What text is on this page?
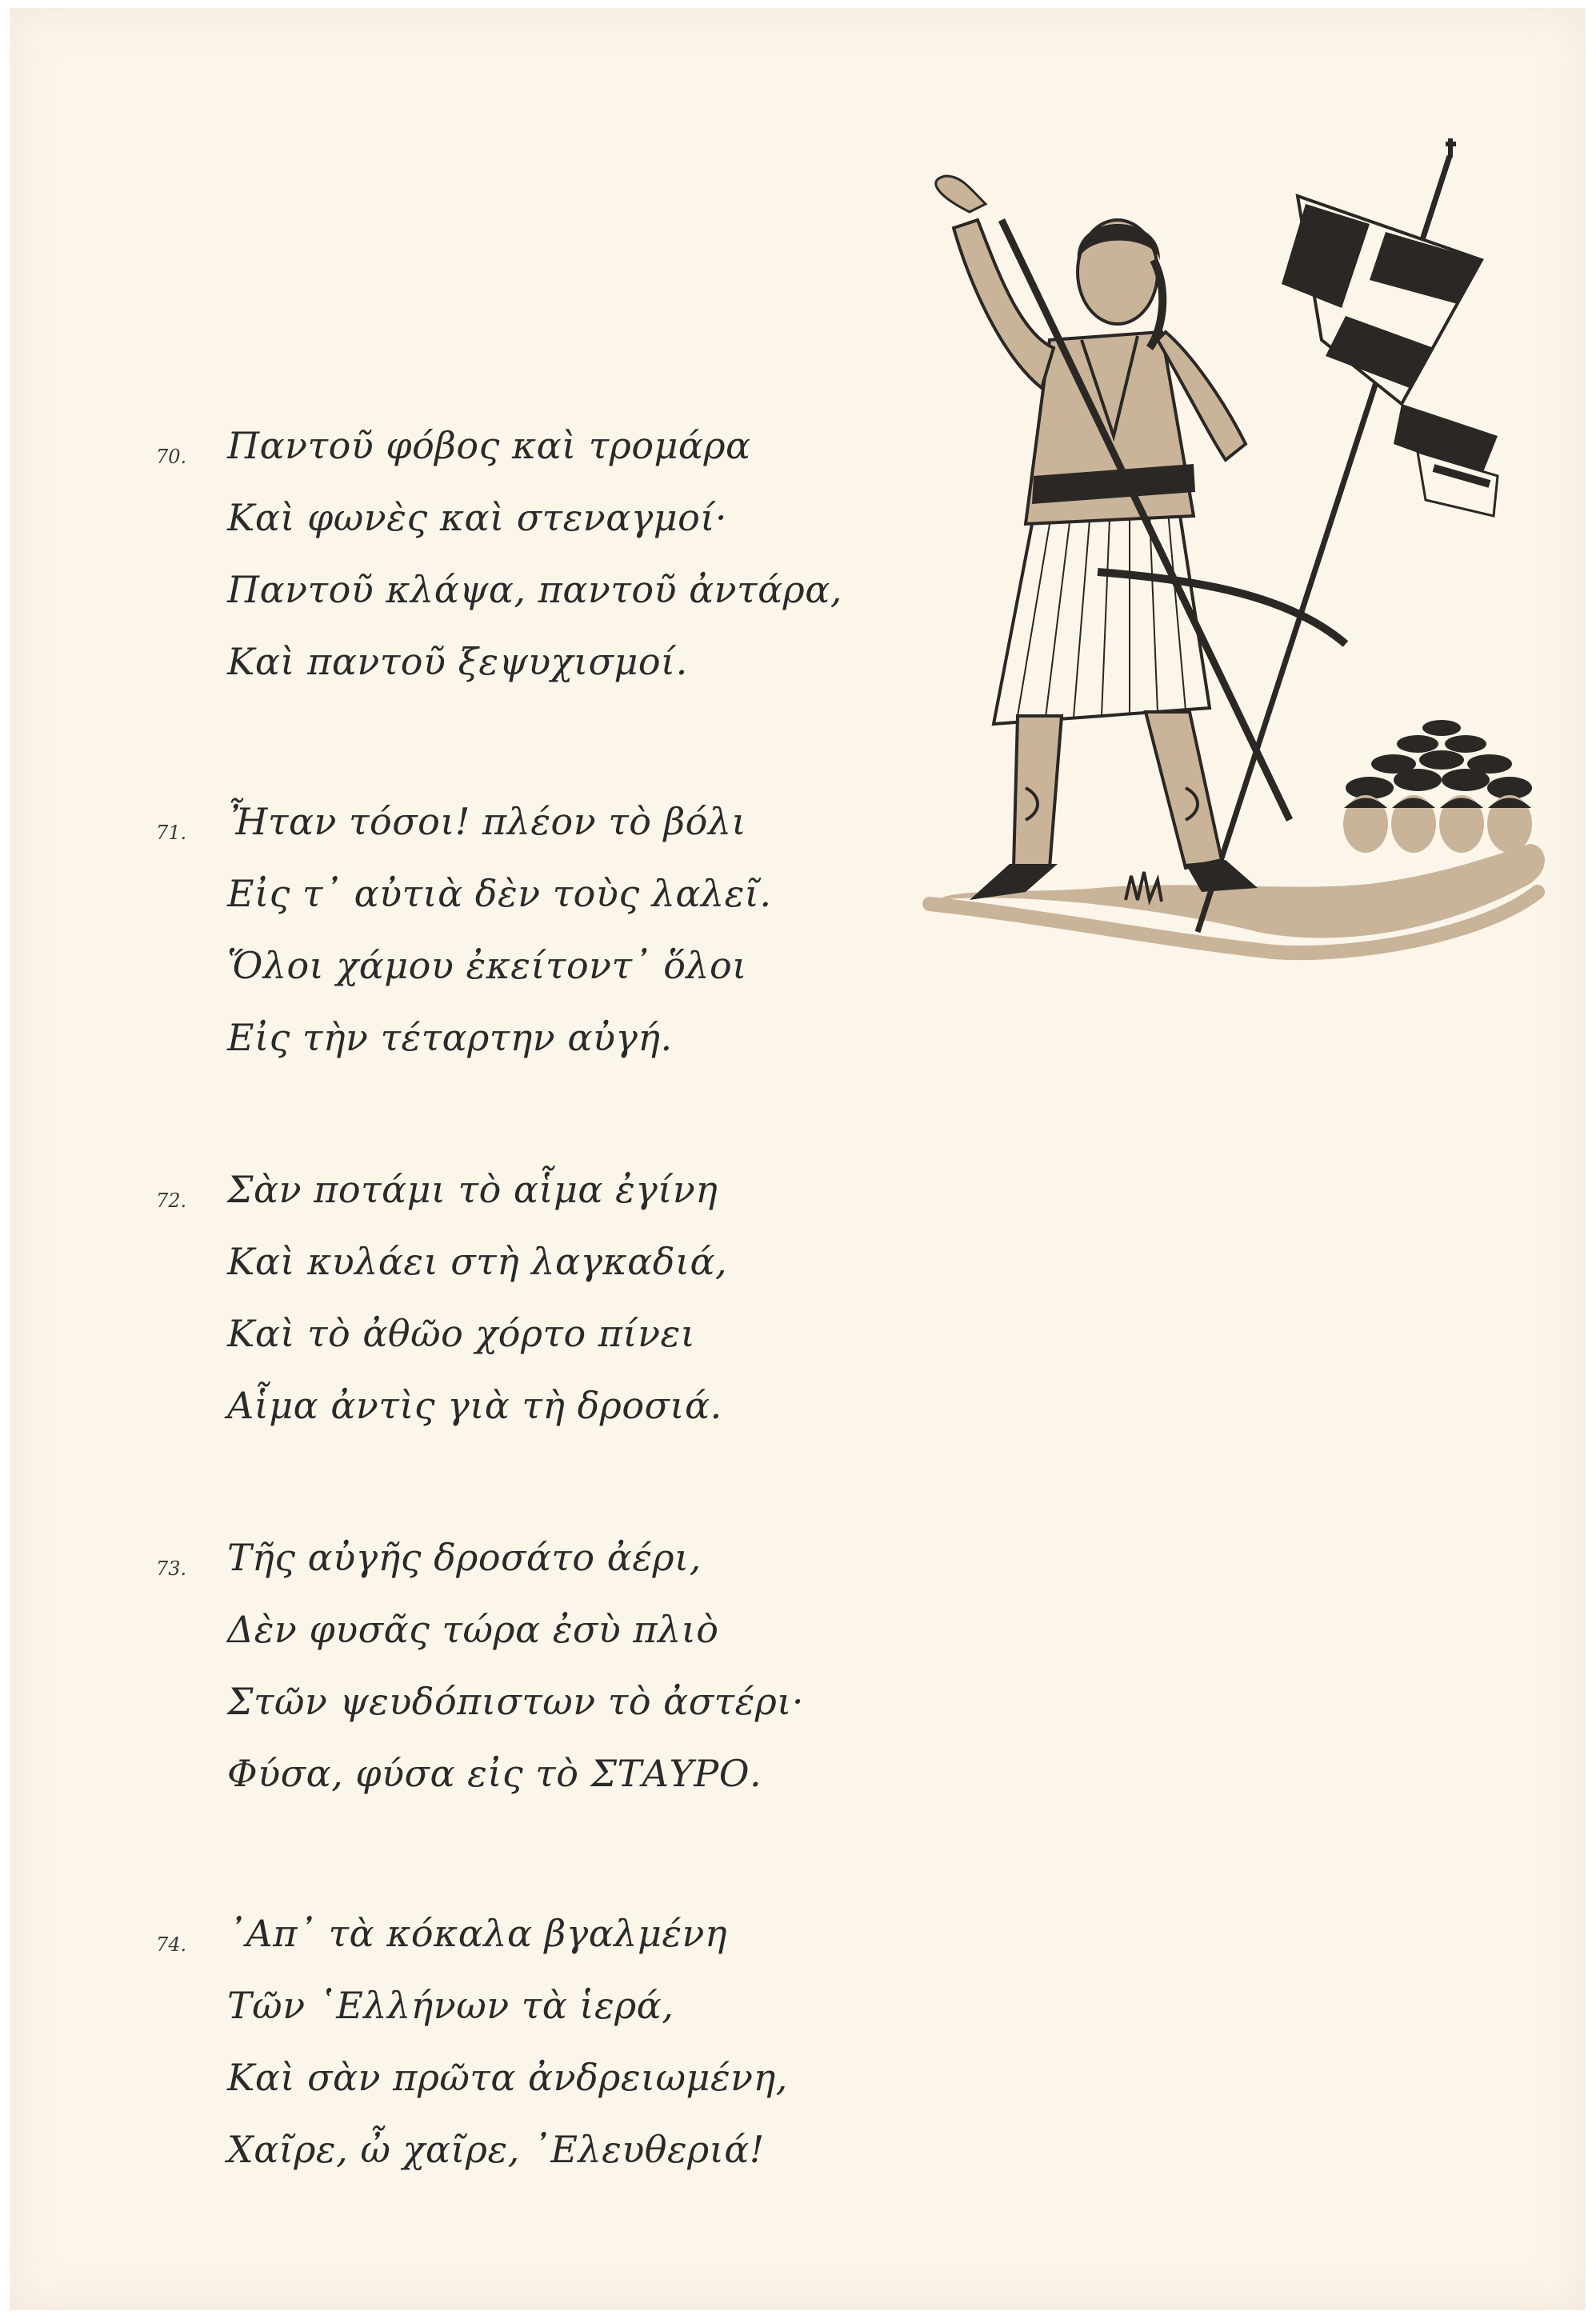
70. Παντοῦ φόβος καὶ τρομάρα
Καὶ φωνὲς καὶ στεναγμοί·
Παντοῦ κλάψα, παντοῦ ἀντάρα,
Καὶ παντοῦ ξεψυχισμοί.
71. Ἦταν τόσοι! πλέον τὸ βόλι
Εἰς τ᾿ αὐτιὰ δὲν τοὺς λαλεῖ.
Ὅλοι χάμου ἐκείτοντ᾿ ὅλοι
Εἰς τὴν τέταρτην αὐγή.
72. Σὰν ποτάμι τὸ αἷμα ἐγίνη
Καὶ κυλάει στὴ λαγκαδιά,
Καὶ τὸ ἀθῶο χόρτο πίνει
Αἷμα ἀντὶς γιὰ τὴ δροσιά.
73. Τῆς αὐγῆς δροσάτο ἀέρι,
Δὲν φυσᾶς τώρα ἐσὺ πλιὸ
Στῶν ψευδόπιστων τὸ ἀστέρι·
Φύσα, φύσα εἰς τὸ ΣΤΑΥΡΟ.
74. ᾿Απ᾿ τὰ κόκαλα βγαλμένη
Τῶν ῾Ελλήνων τὰ ἱερά,
Καὶ σὰν πρῶτα ἀνδρειωμένη,
Χαῖρε, ὦ χαῖρε, ᾿Ελευθεριά!
